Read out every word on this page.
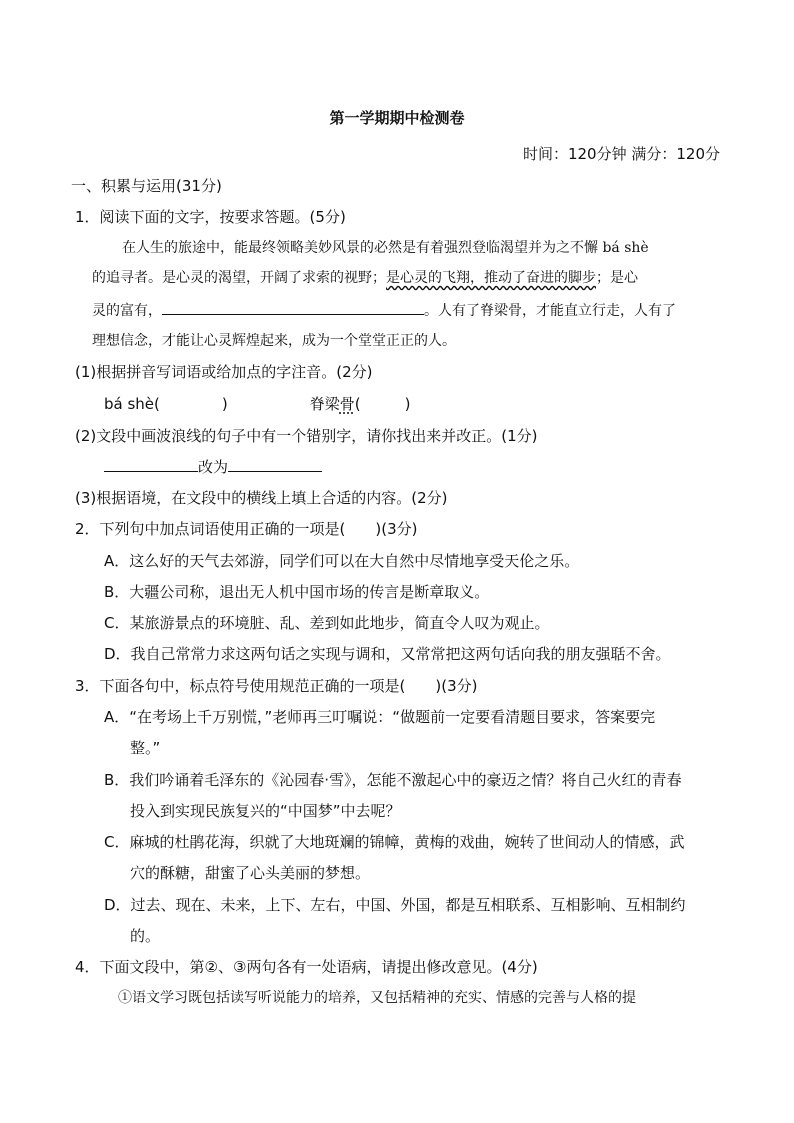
第一学期期中检测卷
时间：120分钟 满分：120分
一、积累与运用(31分)
1．阅读下面的文字，按要求答题。(5分)
在人生的旅途中，能最终领略美妙风景的必然是有着强烈登临渴望并为之不懈 bá shè
的追寻者。是心灵的渴望，开阔了求索的视野；是心灵的飞翔，推动了奋进的脚步；是心
灵的富有，	。人有了脊梁骨，才能直立行走，人有了
理想信念，才能让心灵辉煌起来，成为一个堂堂正正的人。
(1)根据拼音写词语或给加点的字注音。(2分)
bá shè(	)	脊梁骨(	)
(2)文段中画波浪线的句子中有一个错别字，请你找出来并改正。(1分)
改为
(3)根据语境，在文段中的横线上填上合适的内容。(2分)
2．下列句中加点词语使用正确的一项是(　　)(3分)
A．这么好的天气去郊游，同学们可以在大自然中尽情地享受天伦之乐。
B．大疆公司称，退出无人机中国市场的传言是断章取义。
C．某旅游景点的环境脏、乱、差到如此地步，简直令人叹为观止。
D．我自己常常力求这两句话之实现与调和，又常常把这两句话向我的朋友强聒不舍。
3．下面各句中，标点符号使用规范正确的一项是(　　)(3分)
A．“在考场上千万别慌，”老师再三叮嘱说：“做题前一定要看清题目要求，答案要完
整。”
B．我们吟诵着毛泽东的《沁园春·雪》，怎能不激起心中的豪迈之情？将自己火红的青春
投入到实现民族复兴的“中国梦”中去呢？
C．麻城的杜鹃花海，织就了大地斑斓的锦幛，黄梅的戏曲，婉转了世间动人的情感，武
穴的酥糖，甜蜜了心头美丽的梦想。
D．过去、现在、未来，上下、左右，中国、外国，都是互相联系、互相影响、互相制约
的。
4．下面文段中，第②、③两句各有一处语病，请提出修改意见。(4分)
①语文学习既包括读写听说能力的培养，又包括精神的充实、情感的完善与人格的提
